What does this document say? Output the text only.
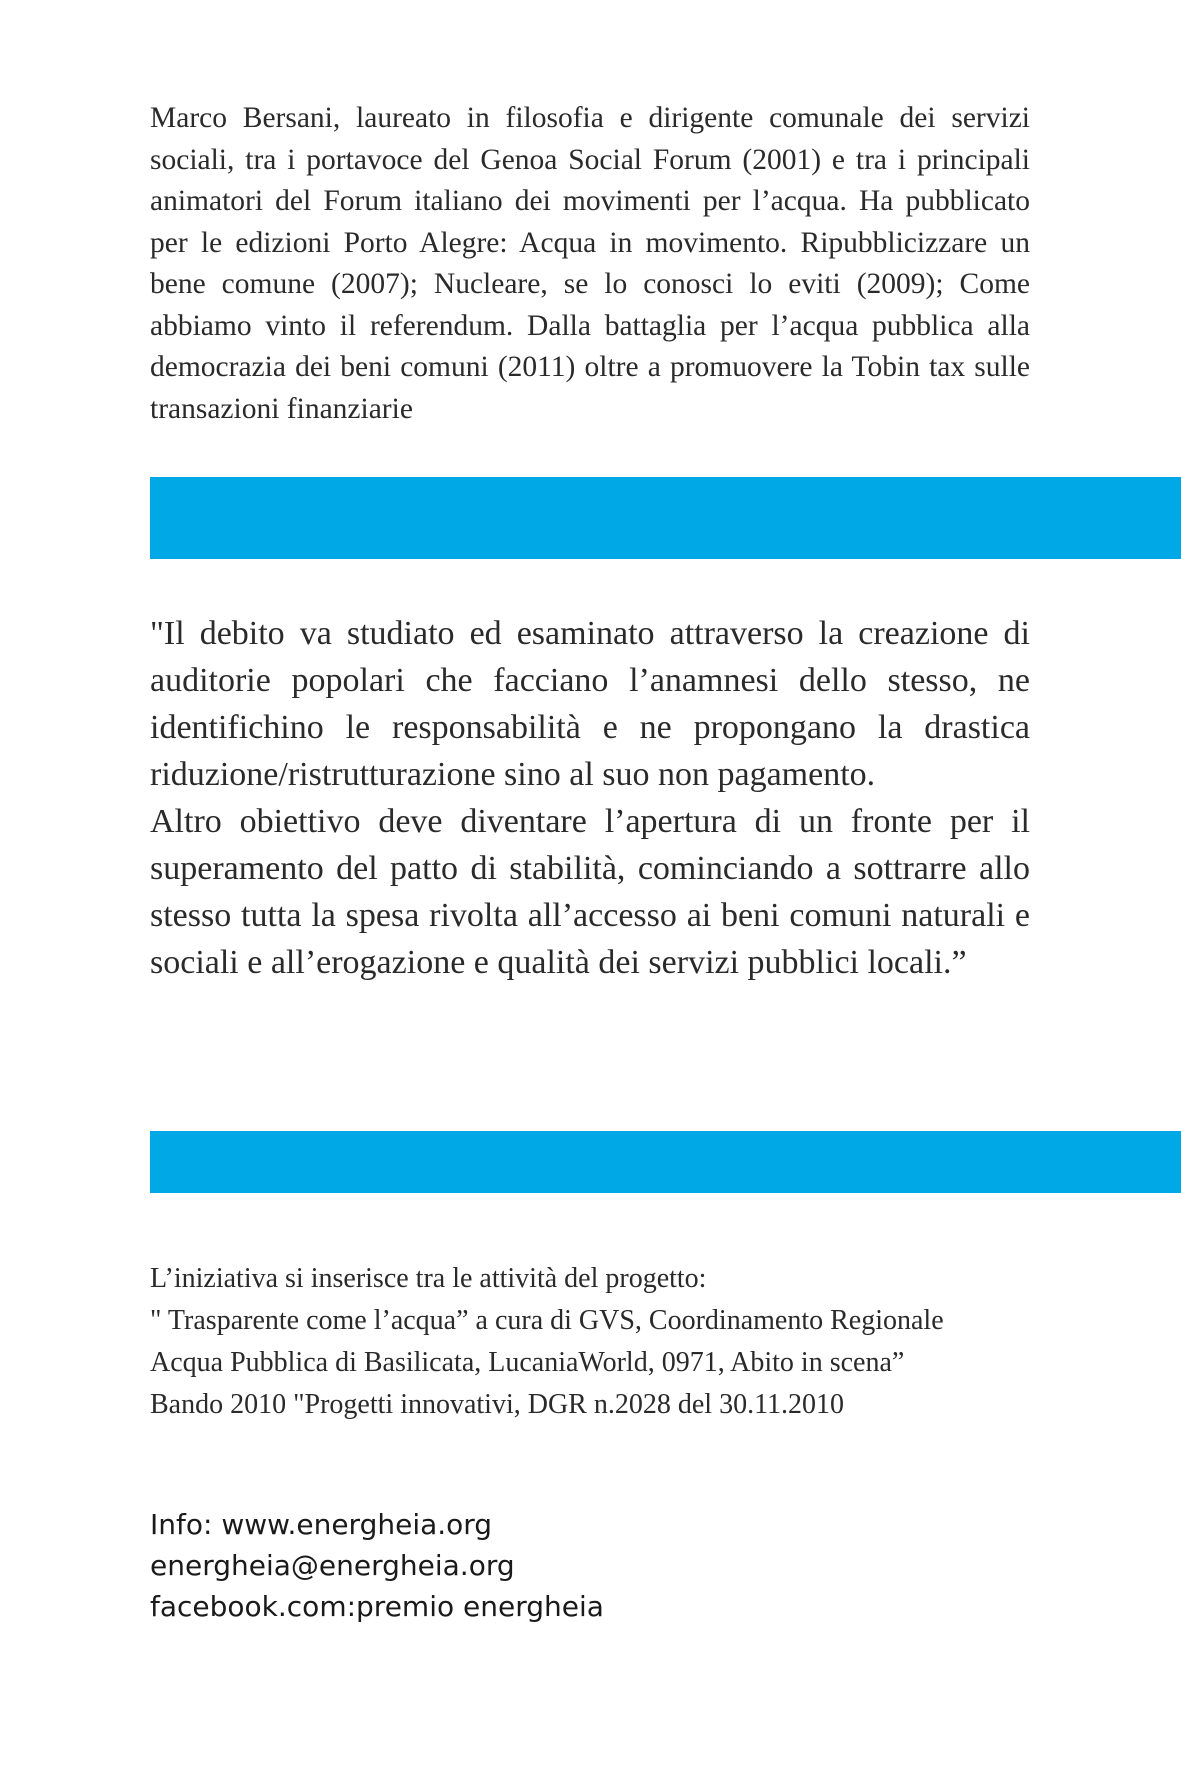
Marco Bersani, laureato in filosofia e dirigente comunale dei servizi sociali, tra i portavoce del Genoa Social Forum (2001) e tra i principali animatori del Forum italiano dei movimenti per l’acqua. Ha pubblicato per le edizioni Porto Alegre: Acqua in movimento. Ripubblicizzare un bene comune (2007); Nucleare, se lo conosci lo eviti (2009); Come abbiamo vinto il referendum. Dalla battaglia per l’acqua pubblica alla democrazia dei beni comuni (2011) oltre a promuovere la Tobin tax sulle transazioni finanziarie

"Il debito va studiato ed esaminato attraverso la creazione di auditorie popolari che facciano l’anamnesi dello stesso, ne identifichino le responsabilità e ne propongano la drastica riduzione/ristrutturazione sino al suo non pagamento.

Altro obiettivo deve diventare l’apertura di un fronte per il superamento del patto di stabilità, cominciando a sottrarre allo stesso tutta la spesa rivolta all’accesso ai beni comuni naturali e sociali e all’erogazione e qualità dei servizi pubblici locali.”

L’iniziativa si inserisce tra le attività del progetto:
" Trasparente come l’acqua” a cura di GVS, Coordinamento Regionale
Acqua Pubblica di Basilicata, LucaniaWorld, 0971, Abito in scena”
Bando 2010 "Progetti innovativi, DGR n.2028 del 30.11.2010
Info: www.energheia.org
energheia@energheia.org
facebook.com:premio energheia
